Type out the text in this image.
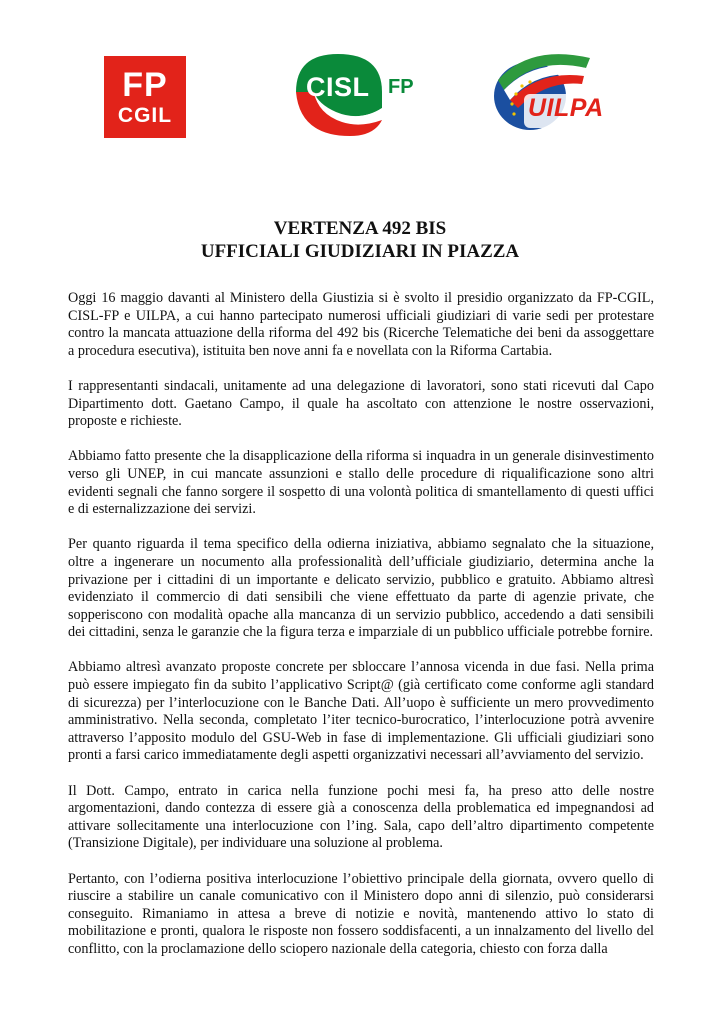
FP
CGIL
CISL FP
UILPA
VERTENZA 492 BIS
UFFICIALI GIUDIZIARI IN PIAZZA

Oggi 16 maggio davanti al Ministero della Giustizia si è svolto il presidio organizzato da FP-CGIL, CISL-FP e UILPA, a cui hanno partecipato numerosi ufficiali giudiziari di varie sedi per protestare contro la mancata attuazione della riforma del 492 bis (Ricerche Telematiche dei beni da assoggettare a procedura esecutiva), istituita ben nove anni fa e novellata con la Riforma Cartabia.

I rappresentanti sindacali, unitamente ad una delegazione di lavoratori, sono stati ricevuti dal Capo Dipartimento dott. Gaetano Campo, il quale ha ascoltato con attenzione le nostre osservazioni, proposte e richieste.

Abbiamo fatto presente che la disapplicazione della riforma si inquadra in un generale disinvestimento verso gli UNEP, in cui mancate assunzioni e stallo delle procedure di riqualificazione sono altri evidenti segnali che fanno sorgere il sospetto di una volontà politica di smantellamento di questi uffici e di esternalizzazione dei servizi.

Per quanto riguarda il tema specifico della odierna iniziativa, abbiamo segnalato che la situazione, oltre a ingenerare un nocumento alla professionalità dell’ufficiale giudiziario, determina anche la privazione per i cittadini di un importante e delicato servizio, pubblico e gratuito. Abbiamo altresì evidenziato il commercio di dati sensibili che viene effettuato da parte di agenzie private, che sopperiscono con modalità opache alla mancanza di un servizio pubblico, accedendo a dati sensibili dei cittadini, senza le garanzie che la figura terza e imparziale di un pubblico ufficiale potrebbe fornire.

Abbiamo altresì avanzato proposte concrete per sbloccare l’annosa vicenda in due fasi. Nella prima può essere impiegato fin da subito l’applicativo Script@ (già certificato come conforme agli standard di sicurezza) per l’interlocuzione con le Banche Dati. All’uopo è sufficiente un mero provvedimento amministrativo. Nella seconda, completato l’iter tecnico-burocratico, l’interlocuzione potrà avvenire attraverso l’apposito modulo del GSU-Web in fase di implementazione. Gli ufficiali giudiziari sono pronti a farsi carico immediatamente degli aspetti organizzativi necessari all’avviamento del servizio.

Il Dott. Campo, entrato in carica nella funzione pochi mesi fa, ha preso atto delle nostre argomentazioni, dando contezza di essere già a conoscenza della problematica ed impegnandosi ad attivare sollecitamente una interlocuzione con l’ing. Sala, capo dell’altro dipartimento competente (Transizione Digitale), per individuare una soluzione al problema.

Pertanto, con l’odierna positiva interlocuzione l’obiettivo principale della giornata, ovvero quello di riuscire a stabilire un canale comunicativo con il Ministero dopo anni di silenzio, può considerarsi conseguito. Rimaniamo in attesa a breve di notizie e novità, mantenendo attivo lo stato di mobilitazione e pronti, qualora le risposte non fossero soddisfacenti, a un innalzamento del livello del conflitto, con la proclamazione dello sciopero nazionale della categoria, chiesto con forza dalla
